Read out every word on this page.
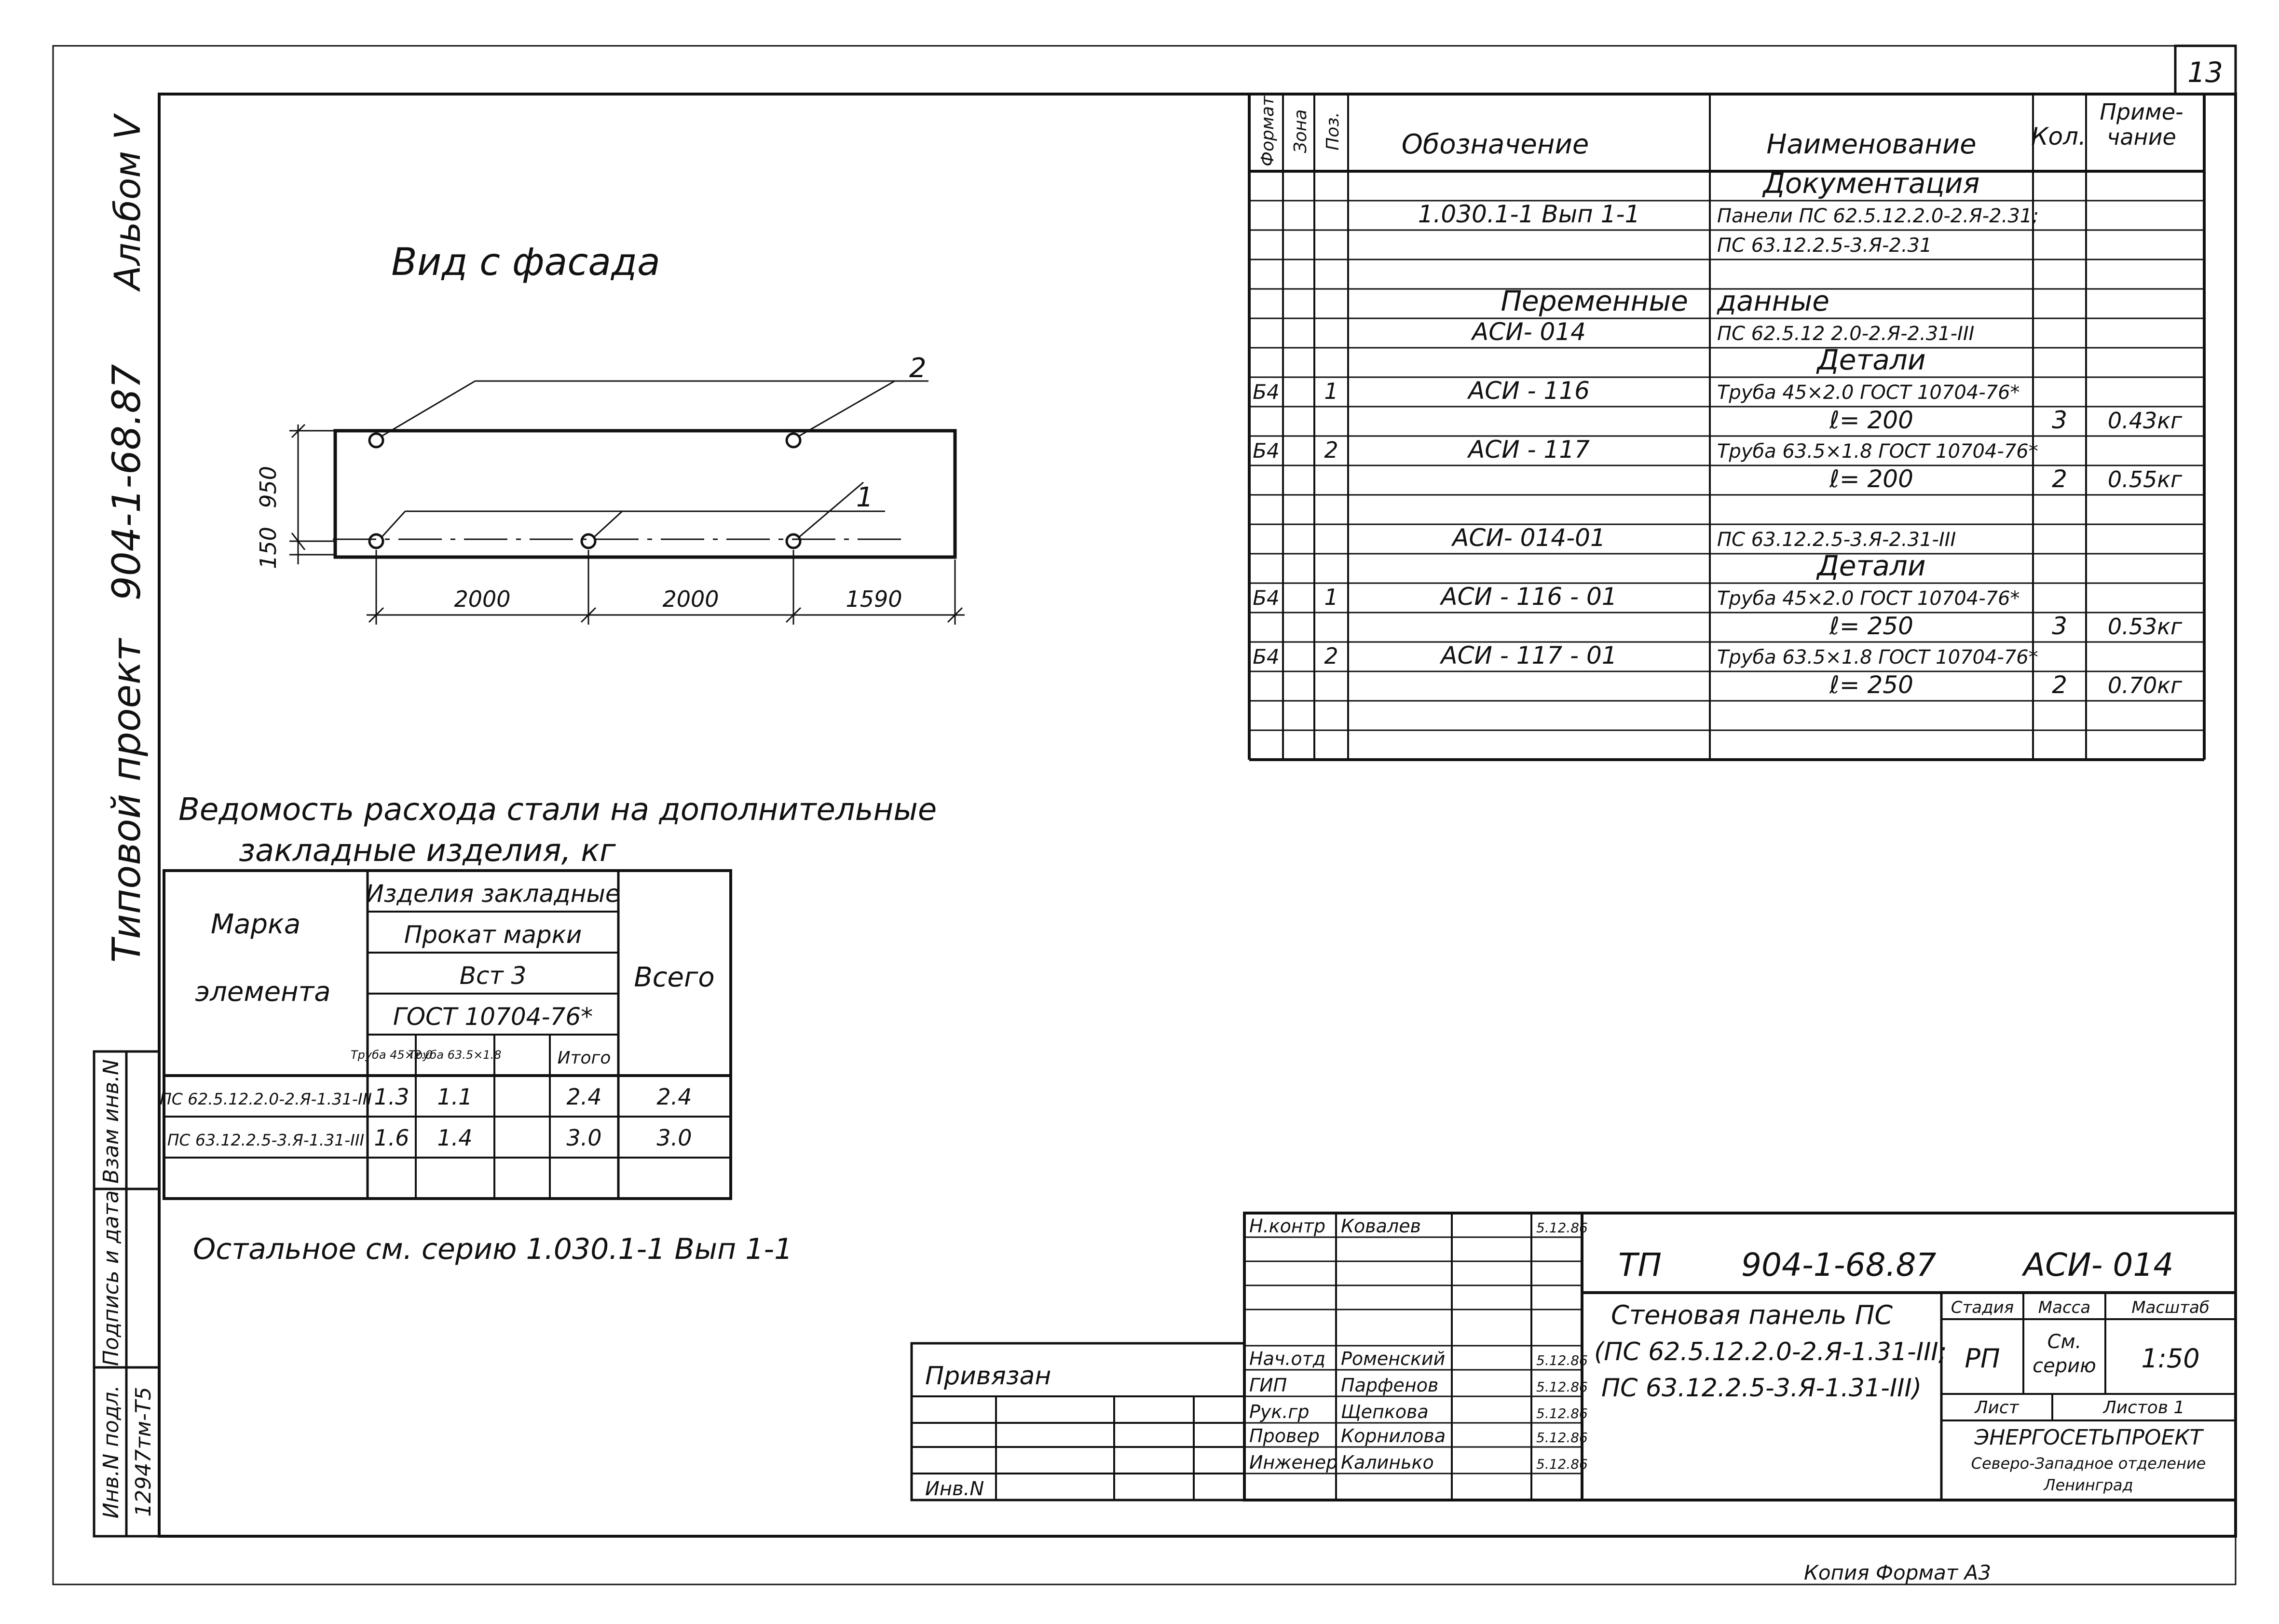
13
Альбом V
904-1-68.87
Типовой проект
Взам инв.N
Подпись и дата
Инв.N подл. 12947тм-Т5
Вид с фасада
2
1
950
150
2000	2000	1590
Формат Зона Поз. Обозначение	Наименование Кол.
Приме-
чание
Документация
1.030.1-1 Вып 1-1	Панели ПС 62.5.12.2.0-2.Я-2.31;
ПС 63.12.2.5-3.Я-2.31
Переменные данные
АСИ- 014	ПС 62.5.12 2.0-2.Я-2.31-III
Детали
Б4 1	АСИ - 116	Труба 45×2.0 ГОСТ 10704-76*
ℓ= 200	3 0.43кг
Б4 2	АСИ - 117	Труба 63.5×1.8 ГОСТ 10704-76*
ℓ= 200	2 0.55кг
АСИ- 014-01	ПС 63.12.2.5-3.Я-2.31-III
Детали
Б4 1	АСИ - 116 - 01	Труба 45×2.0 ГОСТ 10704-76*
ℓ= 250	3 0.53кг
Б4 2	АСИ - 117 - 01	Труба 63.5×1.8 ГОСТ 10704-76*
ℓ= 250	2 0.70кг
Ведомость расхода стали на дополнительные
закладные изделия, кг
Марка
элемента
Изделия закладные
Прокат марки
Вст 3
ГОСТ 10704-76*
Всего
Труба 45×2.0
Труба 63.5×1.8	Итого
ПС 62.5.12.2.0-2.Я-1.31-III 1.3 1.1	2.4 2.4
ПС 63.12.2.5-3.Я-1.31-III 1.6 1.4	3.0 3.0
Остальное см. серию 1.030.1-1 Вып 1-1
Привязан
Инв.N
Н.контр Ковалев	5.12.86
Нач.отд Роменский	5.12.86
ГИП	Парфенов	5.12.86
Рук.гр Щепкова	5.12.86
Провер Корнилова	5.12.86
Инженер Калинько	5.12.86
ТП	904-1-68.87	АСИ- 014
Стеновая панель ПС
(ПС 62.5.12.2.0-2.Я-1.31-III;
ПС 63.12.2.5-3.Я-1.31-III)
Стадия Масса	Масштаб
РП
См.
серию 1:50
Лист	Листов 1
ЭНЕРГОСЕТЬПРОЕКТ
Северо-Западное отделение
Ленинград
Копия Формат А3
